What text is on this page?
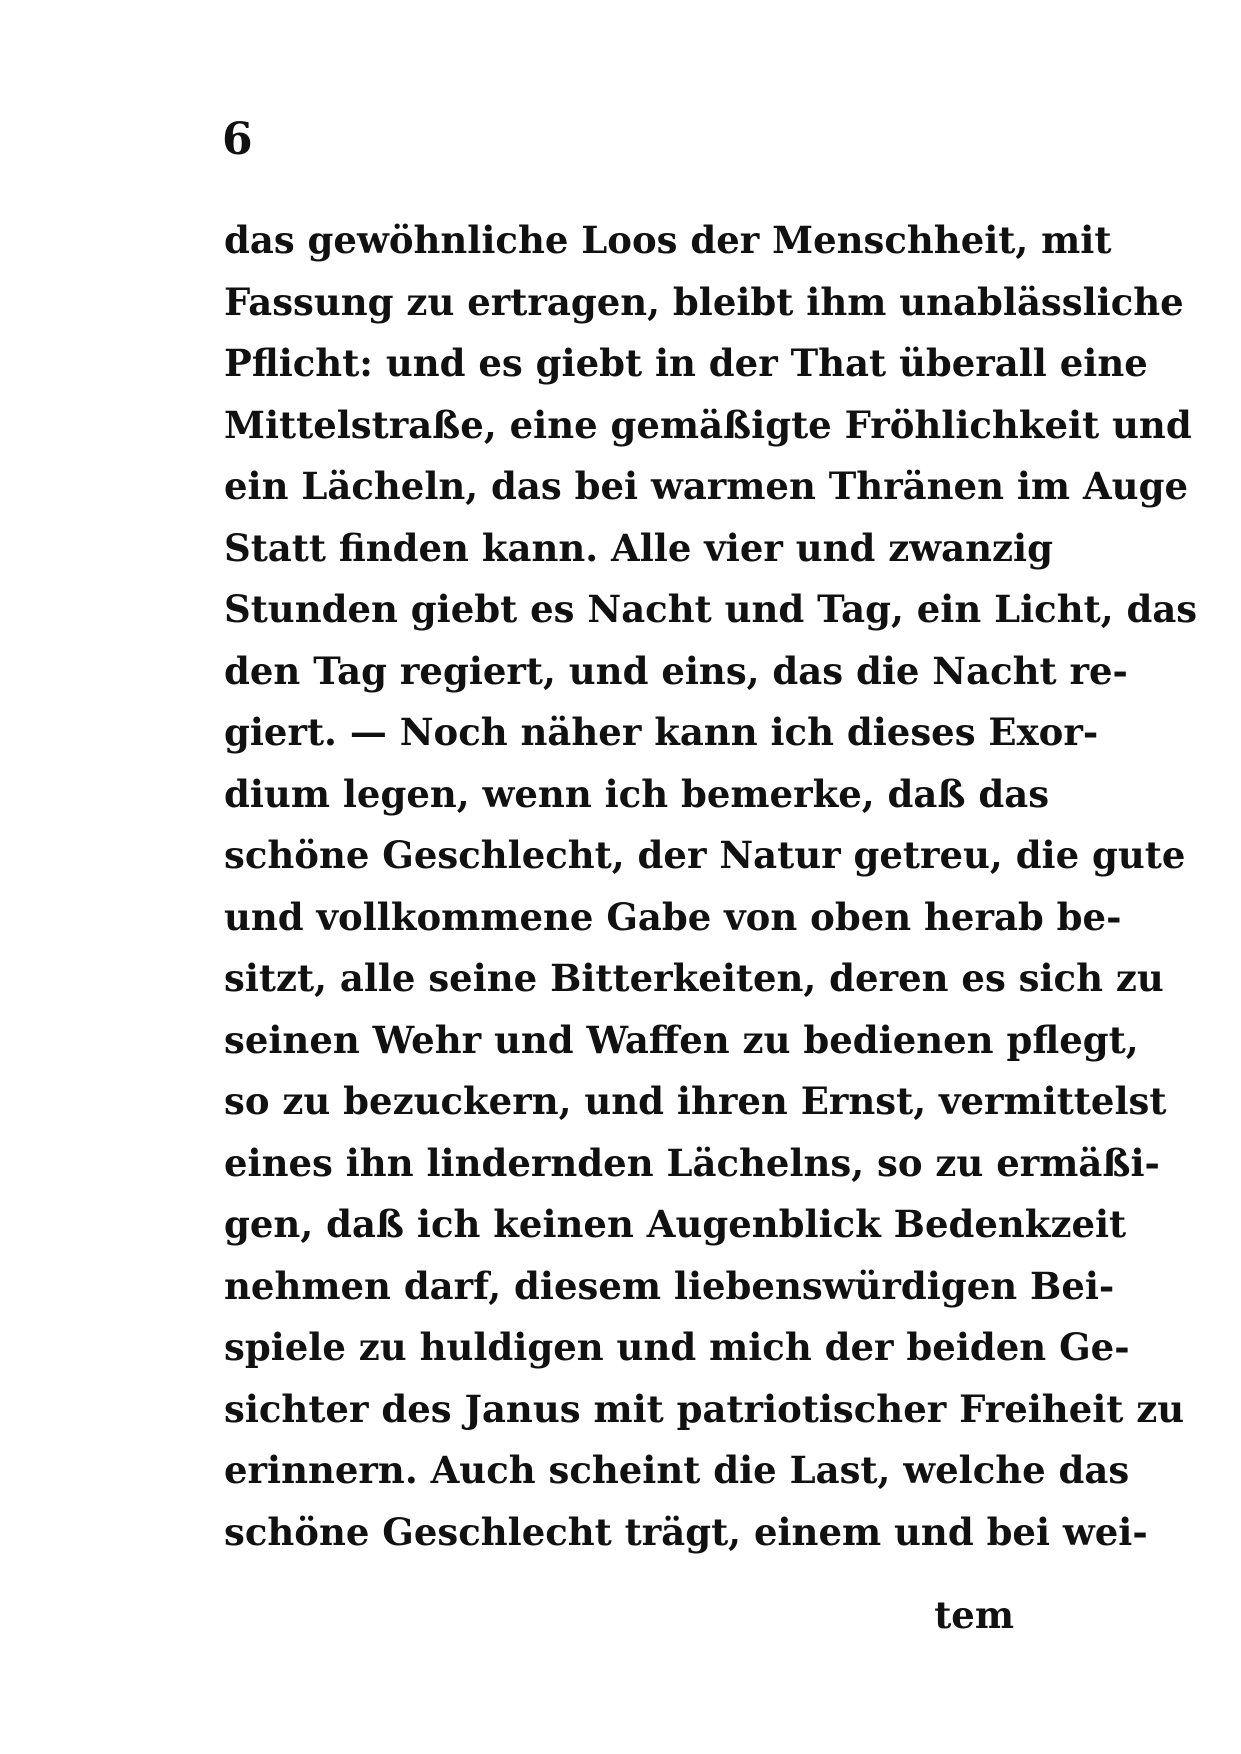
6
das gewöhnliche Loos der Menschheit, mit
Fassung zu ertragen, bleibt ihm unablässliche
Pflicht: und es giebt in der That überall eine
Mittelstraße, eine gemäßigte Fröhlichkeit und
ein Lächeln, das bei warmen Thränen im Auge
Statt finden kann. Alle vier und zwanzig
Stunden giebt es Nacht und Tag, ein Licht, das
den Tag regiert, und eins, das die Nacht re-
giert. — Noch näher kann ich dieses Exor-
dium legen, wenn ich bemerke, daß das
schöne Geschlecht, der Natur getreu, die gute
und vollkommene Gabe von oben herab be-
sitzt, alle seine Bitterkeiten, deren es sich zu
seinen Wehr und Waffen zu bedienen pflegt,
so zu bezuckern, und ihren Ernst, vermittelst
eines ihn lindernden Lächelns, so zu ermäßi-
gen, daß ich keinen Augenblick Bedenkzeit
nehmen darf, diesem liebenswürdigen Bei-
spiele zu huldigen und mich der beiden Ge-
sichter des Janus mit patriotischer Freiheit zu
erinnern. Auch scheint die Last, welche das
schöne Geschlecht trägt, einem und bei wei-
tem
